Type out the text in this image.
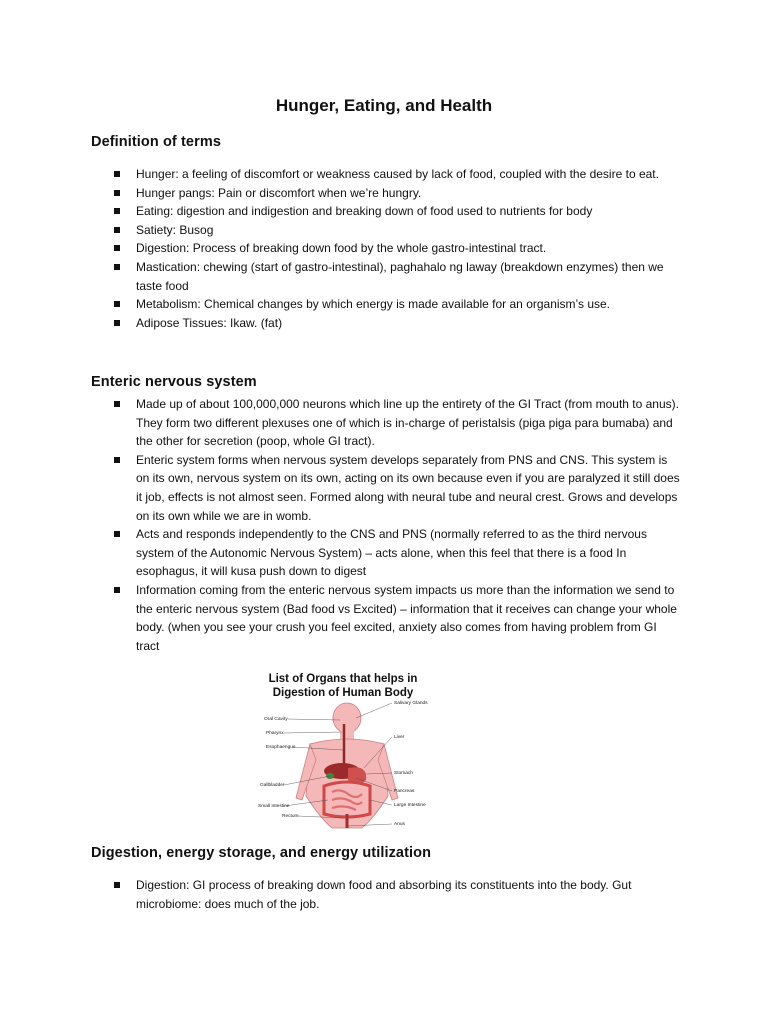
Hunger, Eating, and Health
Definition of terms
Hunger: a feeling of discomfort or weakness caused by lack of food, coupled with the desire to eat.
Hunger pangs: Pain or discomfort when we’re hungry.
Eating: digestion and indigestion and breaking down of food used to nutrients for body
Satiety: Busog
Digestion: Process of breaking down food by the whole gastro-intestinal tract.
Mastication: chewing (start of gastro-intestinal), paghahalo ng laway (breakdown enzymes) then we taste food
Metabolism: Chemical changes by which energy is made available for an organism’s use.
Adipose Tissues: Ikaw. (fat)
Enteric nervous system
Made up of about 100,000,000 neurons which line up the entirety of the GI Tract (from mouth to anus). They form two different plexuses one of which is in-charge of peristalsis (piga piga para bumaba) and the other for secretion (poop, whole GI tract).
Enteric system forms when nervous system develops separately from PNS and CNS. This system is on its own, nervous system on its own, acting on its own because even if you are paralyzed it still does it job, effects is not almost seen. Formed along with neural tube and neural crest. Grows and develops on its own while we are in womb.
Acts and responds independently to the CNS and PNS (normally referred to as the third nervous system of the Autonomic Nervous System) – acts alone, when this feel that there is a food In esophagus, it will kusa push down to digest
Information coming from the enteric nervous system impacts us more than the information we send to the enteric nervous system (Bad food vs Excited) – information that it receives can change your whole body. (when you see your crush you feel excited, anxiety also comes from having problem from GI tract
List of Organs that helps in
Digestion of Human Body
Oral Cavity
Pharynx
Esophaengus
Gallbladder
Small Intestine
Rectum
Salivary Glands
Liver
Stomach
Pancreas
Large Intestine
Anus
Digestion, energy storage, and energy utilization
Digestion: GI process of breaking down food and absorbing its constituents into the body. Gut microbiome: does much of the job.
